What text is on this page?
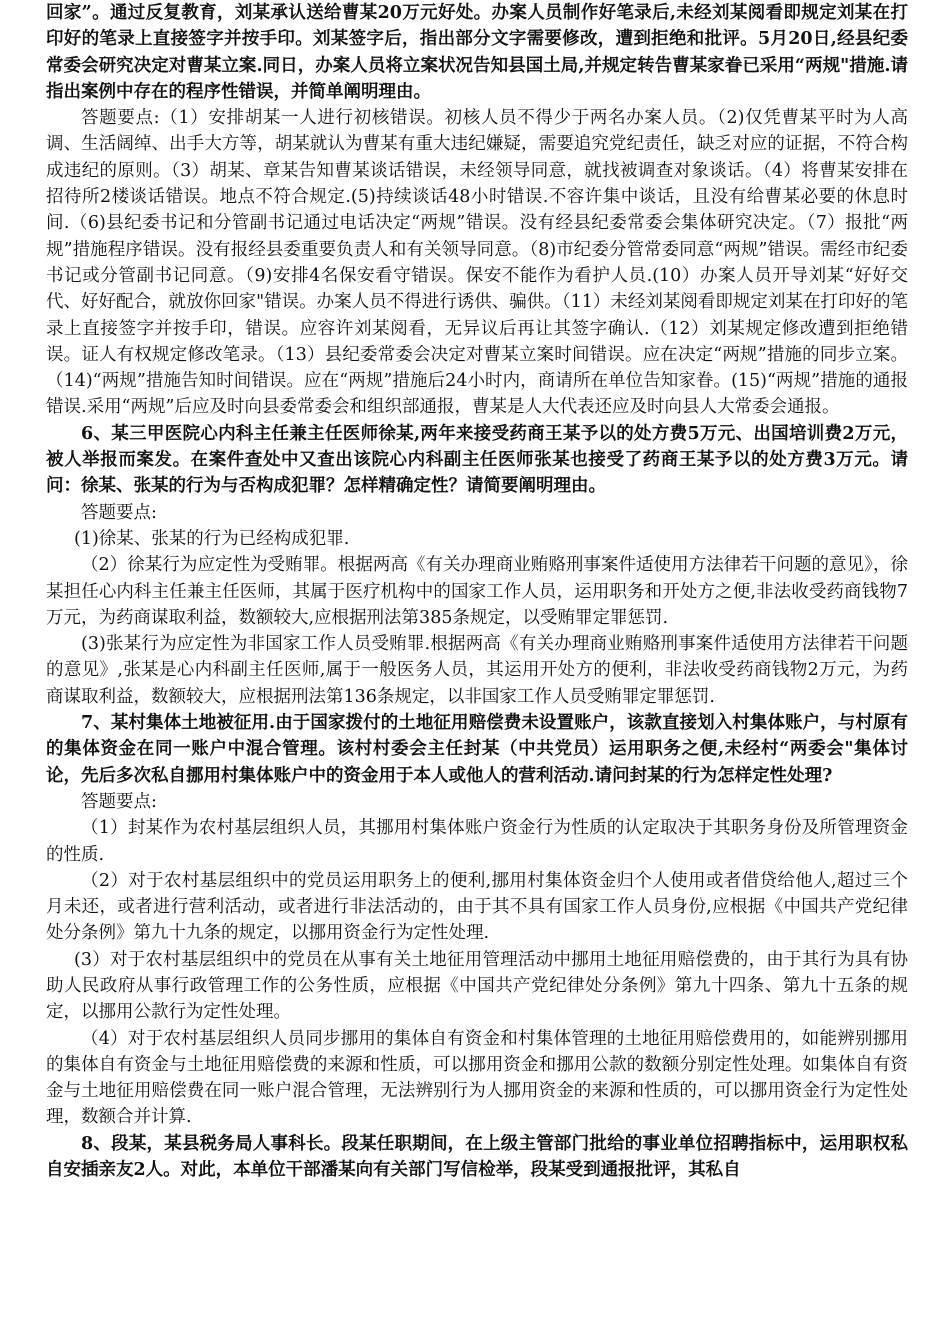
回家”。通过反复教育，刘某承认送给曹某20万元好处。办案人员制作好笔录后,未经刘某阅看即规定刘某在打印好的笔录上直接签字并按手印。刘某签字后，指出部分文字需要修改，遭到拒绝和批评。5月20日,经县纪委常委会研究决定对曹某立案.同日，办案人员将立案状况告知县国土局,并规定转告曹某家眷已采用“两规"措施.请指出案例中存在的程序性错误，并简单阐明理由。

答题要点:（1）安排胡某一人进行初核错误。初核人员不得少于两名办案人员。（2)仅凭曹某平时为人高调、生活阔绰、出手大方等，胡某就认为曹某有重大违纪嫌疑，需要追究党纪责任，缺乏对应的证据，不符合构成违纪的原则。（3）胡某、章某告知曹某谈话错误，未经领导同意，就找被调查对象谈话。（4）将曹某安排在招待所2楼谈话错误。地点不符合规定.(5)持续谈话48小时错误.不容许集中谈话，且没有给曹某必要的休息时间.（6)县纪委书记和分管副书记通过电话决定“两规”错误。没有经县纪委常委会集体研究决定。（7）报批“两规”措施程序错误。没有报经县委重要负责人和有关领导同意。（8)市纪委分管常委同意“两规”错误。需经市纪委书记或分管副书记同意。（9)安排4名保安看守错误。保安不能作为看护人员.(10）办案人员开导刘某“好好交代、好好配合，就放你回家"错误。办案人员不得进行诱供、骗供。（11）未经刘某阅看即规定刘某在打印好的笔录上直接签字并按手印，错误。应容许刘某阅看，无异议后再让其签字确认.（12）刘某规定修改遭到拒绝错误。证人有权规定修改笔录。（13）县纪委常委会决定对曹某立案时间错误。应在决定“两规”措施的同步立案。（14)“两规”措施告知时间错误。应在“两规”措施后24小时内，商请所在单位告知家眷。(15)“两规”措施的通报错误.采用“两规”后应及时向县委常委会和组织部通报，曹某是人大代表还应及时向县人大常委会通报。

6、某三甲医院心内科主任兼主任医师徐某,两年来接受药商王某予以的处方费5万元、出国培训费2万元，被人举报而案发。在案件查处中又查出该院心内科副主任医师张某也接受了药商王某予以的处方费3万元。请问：徐某、张某的行为与否构成犯罪？怎样精确定性？请简要阐明理由。

答题要点:

(1)徐某、张某的行为已经构成犯罪.

（2）徐某行为应定性为受贿罪。根据两高《有关办理商业贿赂刑事案件适使用方法律若干问题的意见》，徐某担任心内科主任兼主任医师，其属于医疗机构中的国家工作人员，运用职务和开处方之便,非法收受药商钱物7万元，为药商谋取利益，数额较大,应根据刑法第385条规定，以受贿罪定罪惩罚.

(3)张某行为应定性为非国家工作人员受贿罪.根据两高《有关办理商业贿赂刑事案件适使用方法律若干问题的意见》,张某是心内科副主任医师,属于一般医务人员，其运用开处方的便利，非法收受药商钱物2万元，为药商谋取利益，数额较大，应根据刑法第136条规定，以非国家工作人员受贿罪定罪惩罚.

7、某村集体土地被征用.由于国家拨付的土地征用赔偿费未设置账户，该款直接划入村集体账户，与村原有的集体资金在同一账户中混合管理。该村村委会主任封某（中共党员）运用职务之便,未经村“两委会"集体讨论，先后多次私自挪用村集体账户中的资金用于本人或他人的营利活动.请问封某的行为怎样定性处理?

答题要点:

（1）封某作为农村基层组织人员，其挪用村集体账户资金行为性质的认定取决于其职务身份及所管理资金的性质.

（2）对于农村基层组织中的党员运用职务上的便利,挪用村集体资金归个人使用或者借贷给他人,超过三个月未还，或者进行营利活动，或者进行非法活动的，由于其不具有国家工作人员身份,应根据《中国共产党纪律处分条例》第九十九条的规定，以挪用资金行为定性处理.

(3）对于农村基层组织中的党员在从事有关土地征用管理活动中挪用土地征用赔偿费的，由于其行为具有协助人民政府从事行政管理工作的公务性质，应根据《中国共产党纪律处分条例》第九十四条、第九十五条的规定，以挪用公款行为定性处理。

（4）对于农村基层组织人员同步挪用的集体自有资金和村集体管理的土地征用赔偿费用的，如能辨别挪用的集体自有资金与土地征用赔偿费的来源和性质，可以挪用资金和挪用公款的数额分别定性处理。如集体自有资金与土地征用赔偿费在同一账户混合管理，无法辨别行为人挪用资金的来源和性质的，可以挪用资金行为定性处理，数额合并计算.

8、段某，某县税务局人事科长。段某任职期间，在上级主管部门批给的事业单位招聘指标中，运用职权私自安插亲友2人。对此，本单位干部潘某向有关部门写信检举，段某受到通报批评，其私自
